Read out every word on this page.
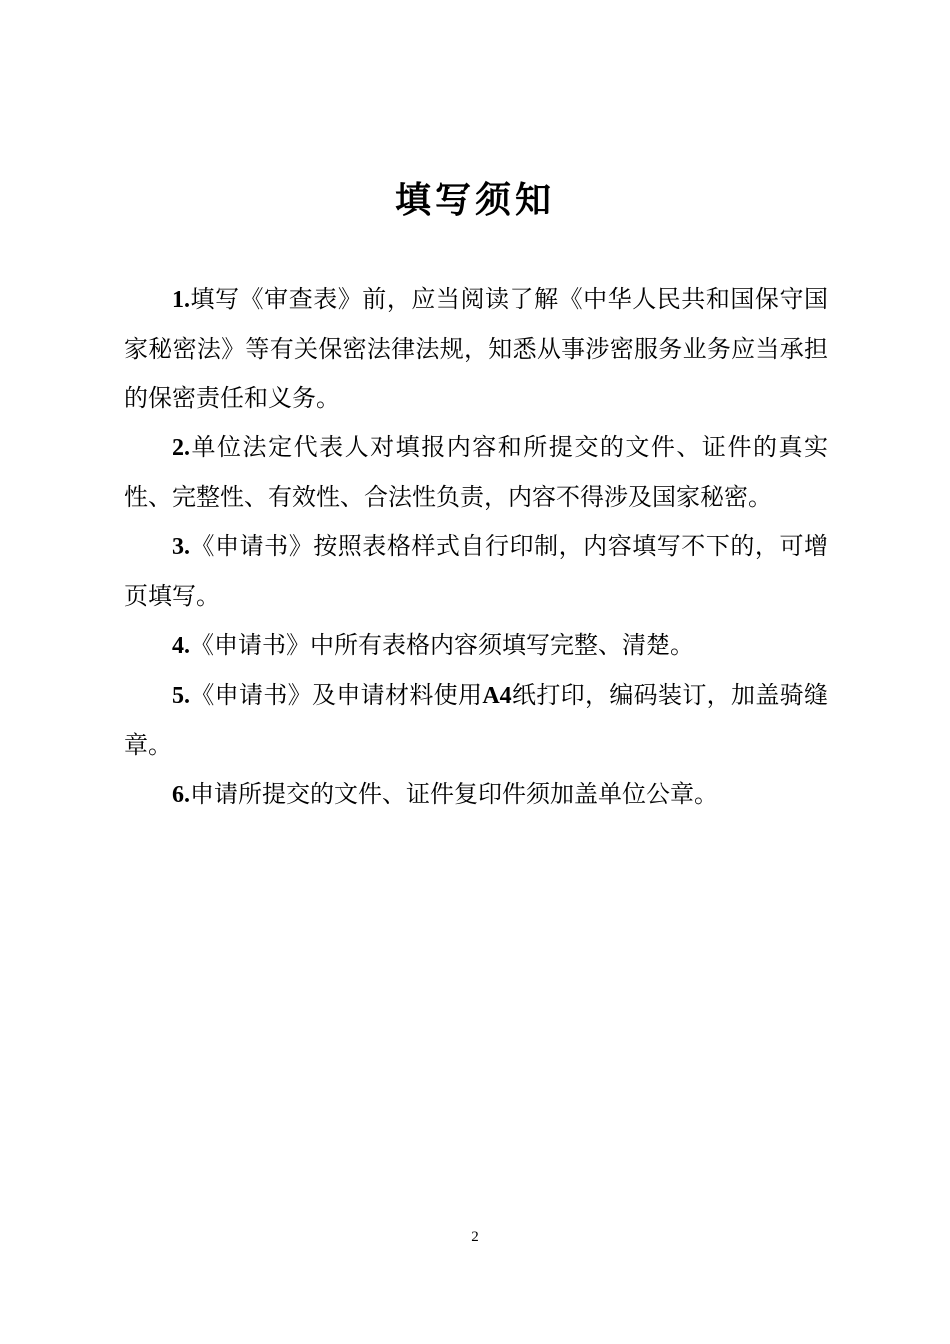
填写须知

1.填写《审查表》前，应当阅读了解《中华人民共和国保守国家秘密法》等有关保密法律法规，知悉从事涉密服务业务应当承担的保密责任和义务。

2.单位法定代表人对填报内容和所提交的文件、证件的真实性、完整性、有效性、合法性负责，内容不得涉及国家秘密。

3.《申请书》按照表格样式自行印制，内容填写不下的，可增页填写。

4.《申请书》中所有表格内容须填写完整、清楚。

5.《申请书》及申请材料使用A4纸打印，编码装订，加盖骑缝章。

6.申请所提交的文件、证件复印件须加盖单位公章。

2
